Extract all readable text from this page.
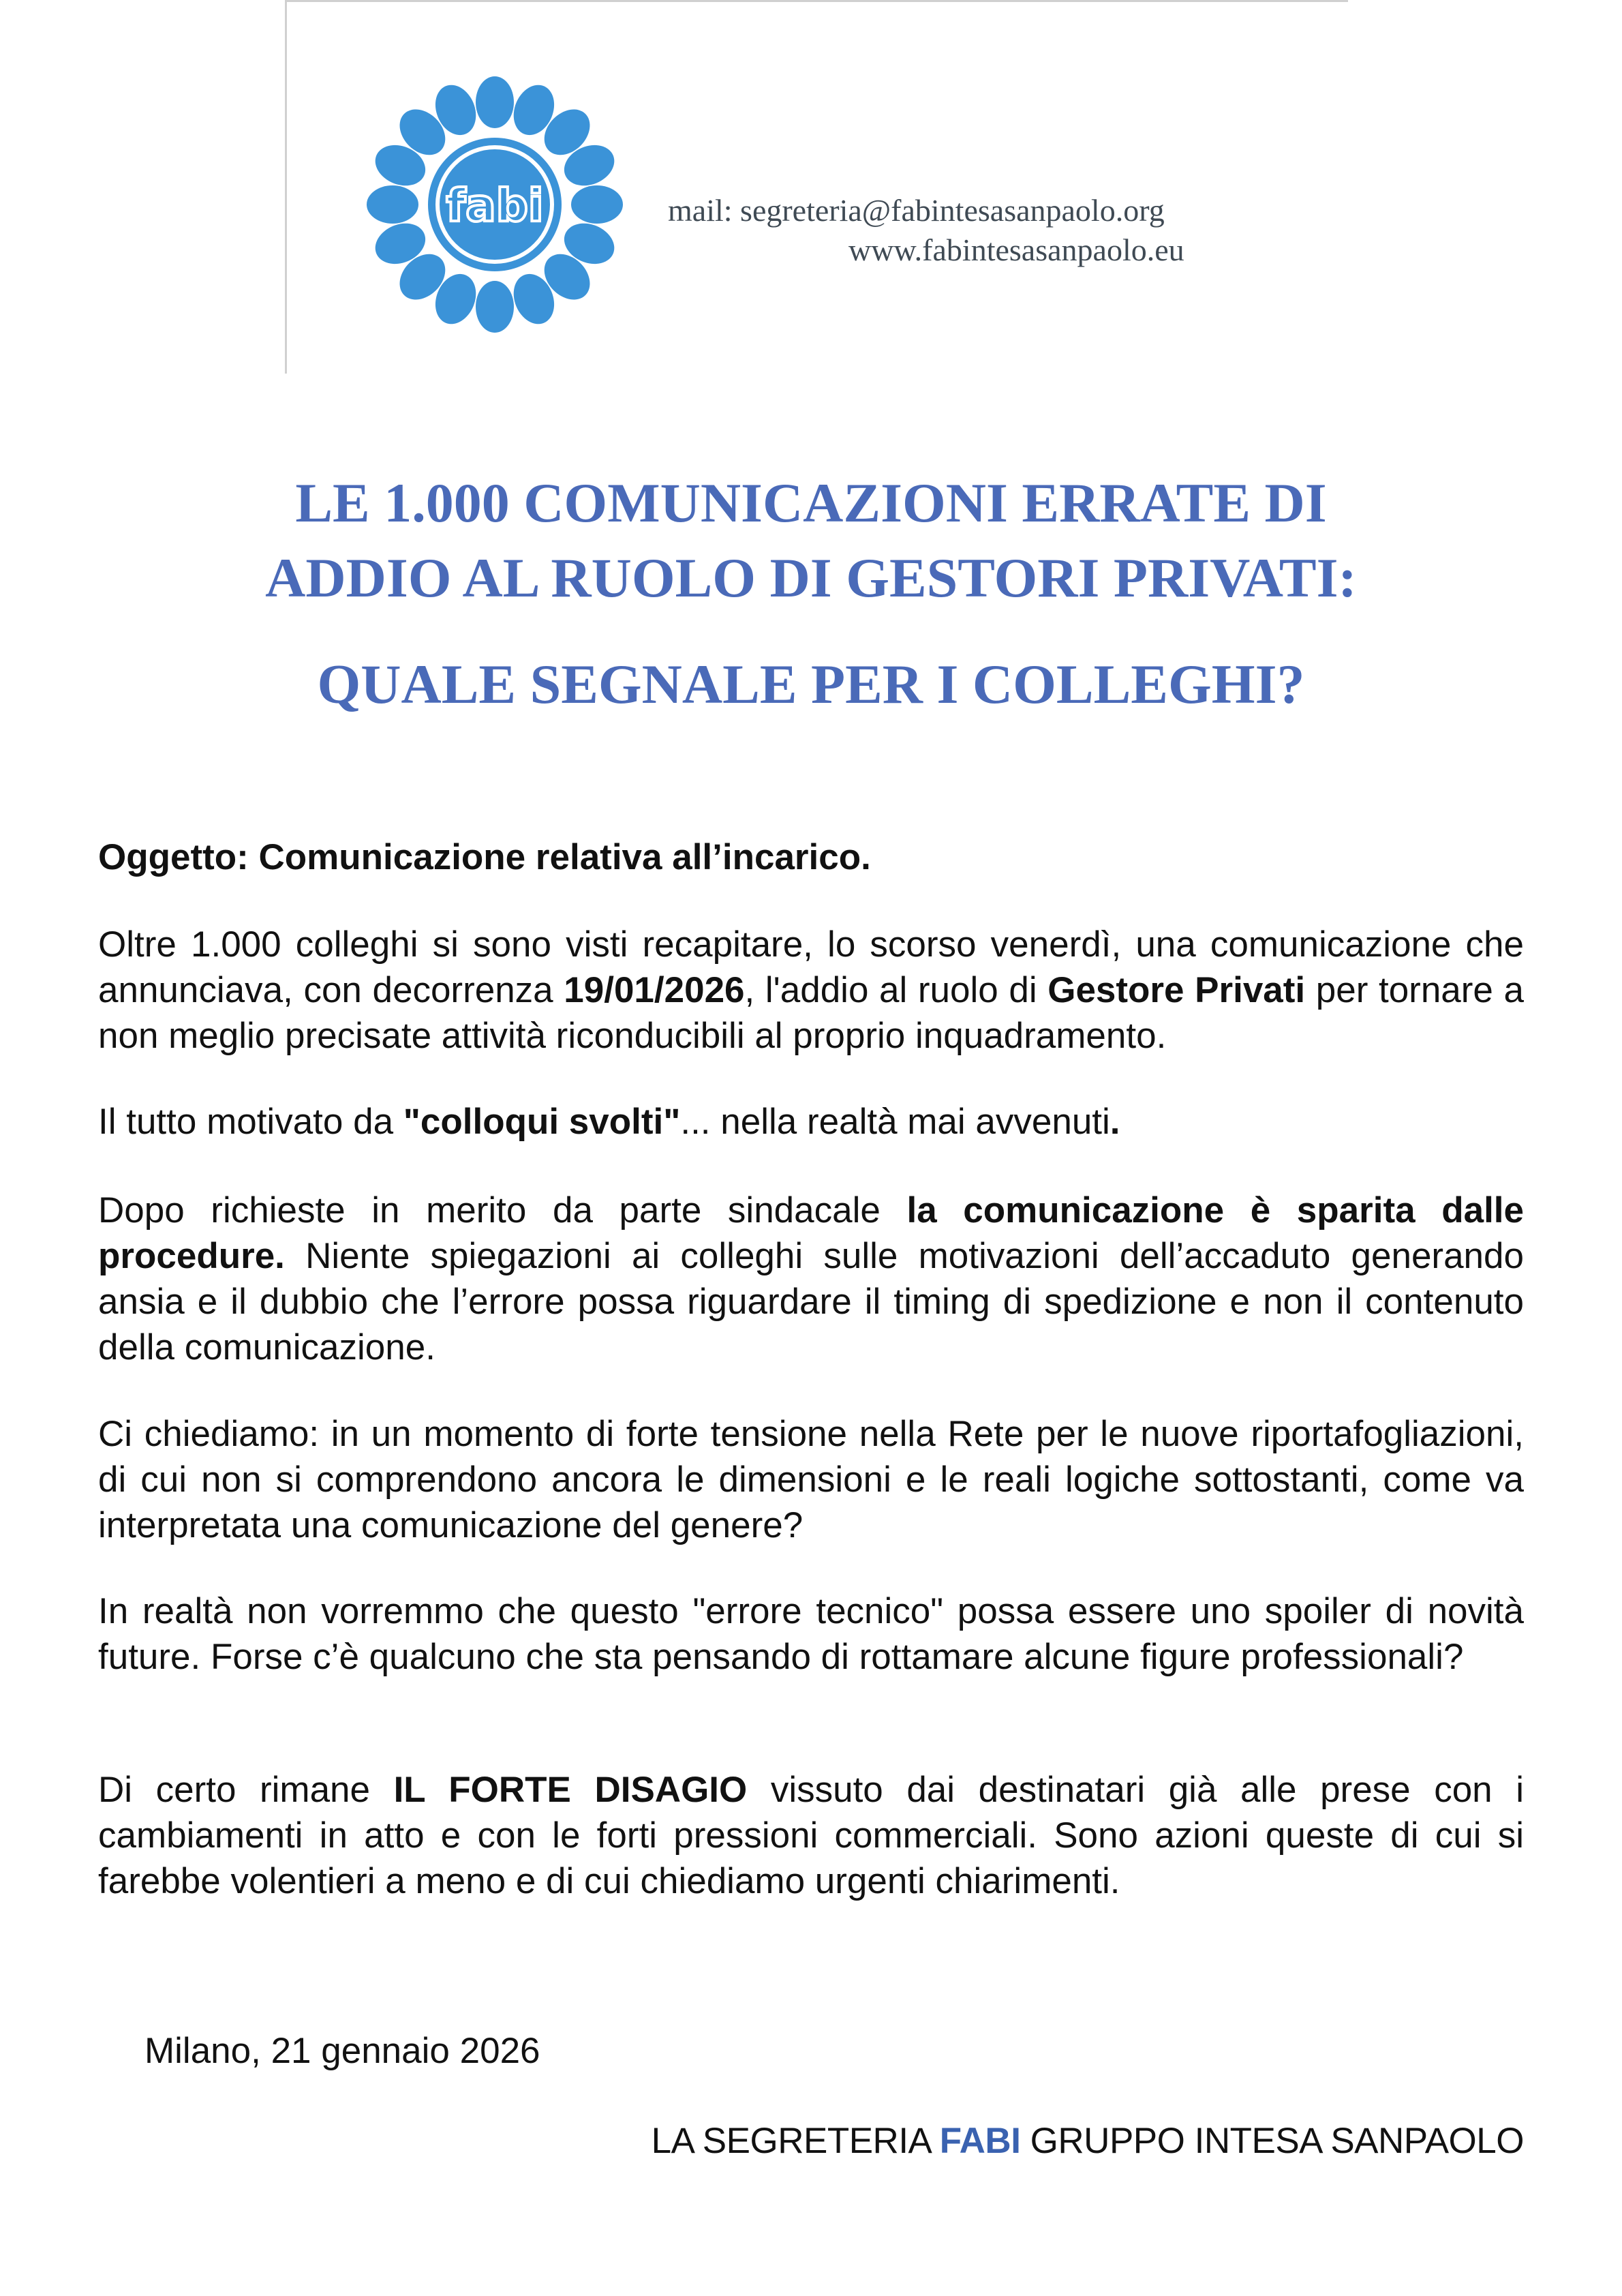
fabi	mail: segreteria@fabintesasanpaolo.org
www.fabintesasanpaolo.eu
LE 1.000 COMUNICAZIONI ERRATE DI
ADDIO AL RUOLO DI GESTORI PRIVATI:
QUALE SEGNALE PER I COLLEGHI?
Oggetto: Comunicazione relativa all’incarico.
Oltre 1.000 colleghi si sono visti recapitare, lo scorso venerdì, una comunicazione che annunciava, con decorrenza 19/01/2026, l'addio al ruolo di Gestore Privati per tornare a non meglio precisate attività riconducibili al proprio inquadramento.
Il tutto motivato da "colloqui svolti"... nella realtà mai avvenuti.
Dopo richieste in merito da parte sindacale la comunicazione è sparita dalle procedure. Niente spiegazioni ai colleghi sulle motivazioni dell’accaduto generando ansia e il dubbio che l’errore possa riguardare il timing di spedizione e non il contenuto della comunicazione.
Ci chiediamo: in un momento di forte tensione nella Rete per le nuove riportafogliazioni, di cui non si comprendono ancora le dimensioni e le reali logiche sottostanti, come va interpretata una comunicazione del genere?
In realtà non vorremmo che questo "errore tecnico" possa essere uno spoiler di novità future. Forse c’è qualcuno che sta pensando di rottamare alcune figure professionali?
Di certo rimane IL FORTE DISAGIO vissuto dai destinatari già alle prese con i cambiamenti in atto e con le forti pressioni commerciali. Sono azioni queste di cui si farebbe volentieri a meno e di cui chiediamo urgenti chiarimenti.
Milano, 21 gennaio 2026
LA SEGRETERIA FABI GRUPPO INTESA SANPAOLO
